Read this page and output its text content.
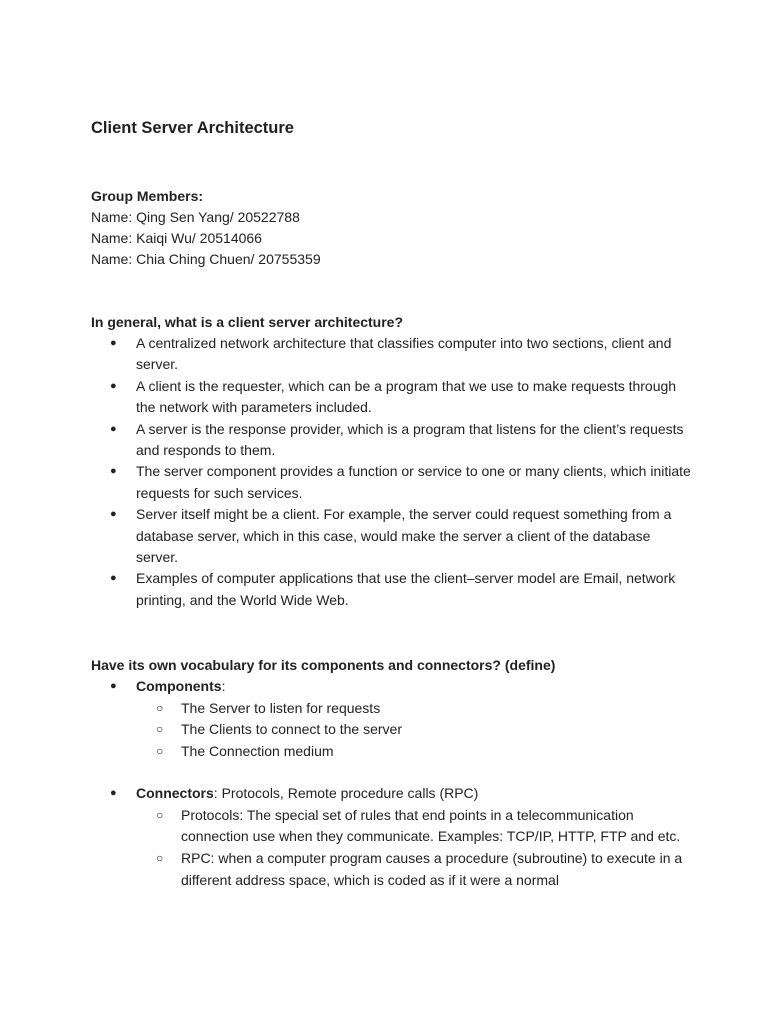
Client Server Architecture
Group Members:
Name: Qing Sen Yang/ 20522788
Name: Kaiqi Wu/ 20514066
Name: Chia Ching Chuen/ 20755359
In general, what is a client server architecture?
● A centralized network architecture that classifies computer into two sections, client and server.
● A client is the requester, which can be a program that we use to make requests through the network with parameters included.
● A server is the response provider, which is a program that listens for the client’s requests and responds to them.
● The server component provides a function or service to one or many clients, which initiate requests for such services.
● Server itself might be a client. For example, the server could request something from a database server, which in this case, would make the server a client of the database server.
● Examples of computer applications that use the client–server model are Email, network printing, and the World Wide Web.
Have its own vocabulary for its components and connectors? (define)
● Components:
○ The Server to listen for requests
○ The Clients to connect to the server
○ The Connection medium
● Connectors: Protocols, Remote procedure calls (RPC)
○ Protocols: The special set of rules that end points in a telecommunication connection use when they communicate. Examples: TCP/IP, HTTP, FTP and etc.
○ RPC: when a computer program causes a procedure (subroutine) to execute in a different address space, which is coded as if it were a normal
